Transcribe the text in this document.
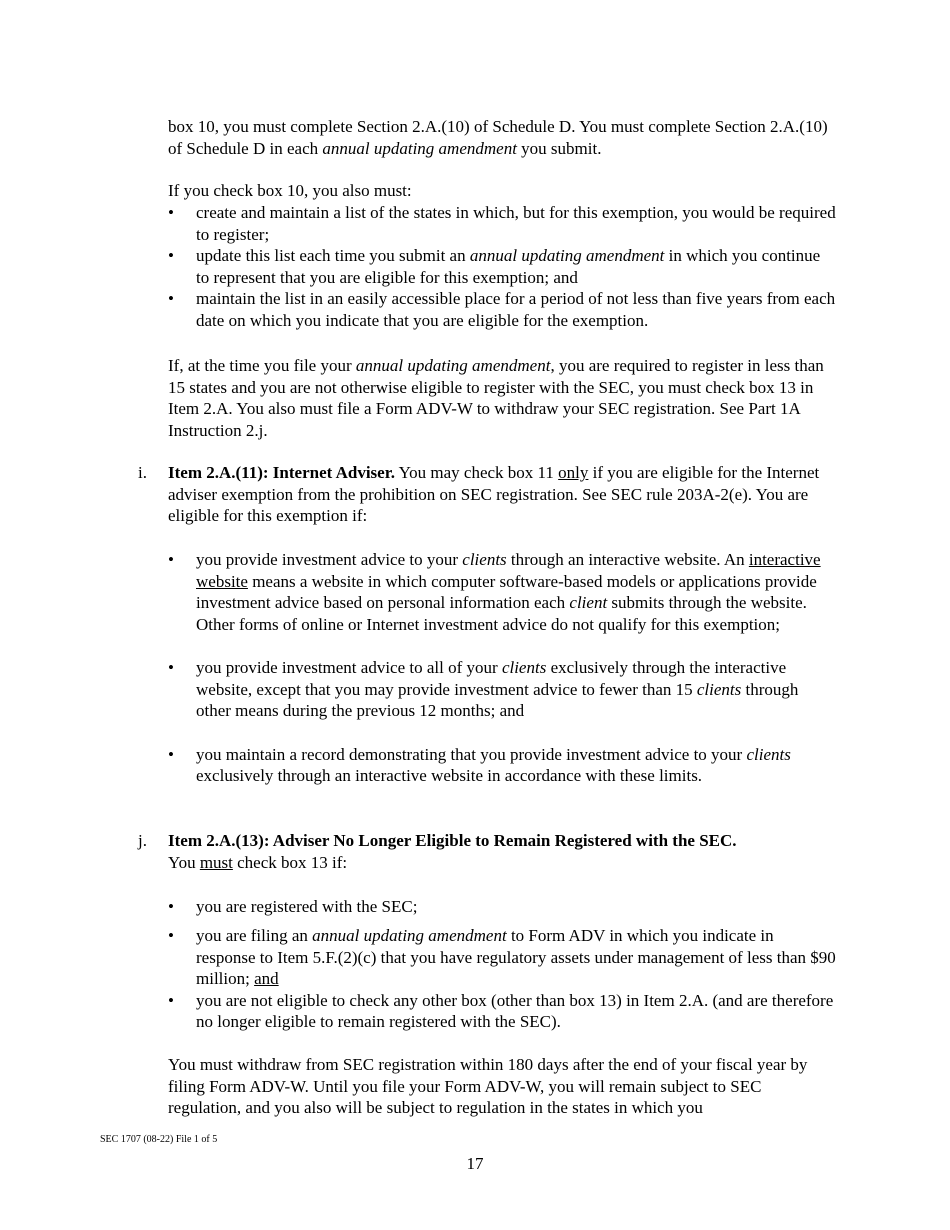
box 10, you must complete Section 2.A.(10) of Schedule D. You must complete Section 2.A.(10) of Schedule D in each annual updating amendment you submit.

If you check box 10, you also must:

• create and maintain a list of the states in which, but for this exemption, you would be required to register;
• update this list each time you submit an annual updating amendment in which you continue to represent that you are eligible for this exemption; and
• maintain the list in an easily accessible place for a period of not less than five years from each date on which you indicate that you are eligible for the exemption.

If, at the time you file your annual updating amendment, you are required to register in less than 15 states and you are not otherwise eligible to register with the SEC, you must check box 13 in Item 2.A. You also must file a Form ADV-W to withdraw your SEC registration. See Part 1A Instruction 2.j.

i. Item 2.A.(11): Internet Adviser. You may check box 11 only if you are eligible for the Internet adviser exemption from the prohibition on SEC registration. See SEC rule 203A-2(e). You are eligible for this exemption if:

• you provide investment advice to your clients through an interactive website. An interactive website means a website in which computer software-based models or applications provide investment advice based on personal information each client submits through the website. Other forms of online or Internet investment advice do not qualify for this exemption;
• you provide investment advice to all of your clients exclusively through the interactive website, except that you may provide investment advice to fewer than 15 clients through other means during the previous 12 months; and
• you maintain a record demonstrating that you provide investment advice to your clients exclusively through an interactive website in accordance with these limits.
j. Item 2.A.(13): Adviser No Longer Eligible to Remain Registered with the SEC.
You must check box 13 if:

• you are registered with the SEC;
• you are filing an annual updating amendment to Form ADV in which you indicate in response to Item 5.F.(2)(c) that you have regulatory assets under management of less than $90 million; and
• you are not eligible to check any other box (other than box 13) in Item 2.A. (and are therefore no longer eligible to remain registered with the SEC).

You must withdraw from SEC registration within 180 days after the end of your fiscal year by filing Form ADV-W. Until you file your Form ADV-W, you will remain subject to SEC regulation, and you also will be subject to regulation in the states in which you

SEC 1707 (08-22) File 1 of 5
17
